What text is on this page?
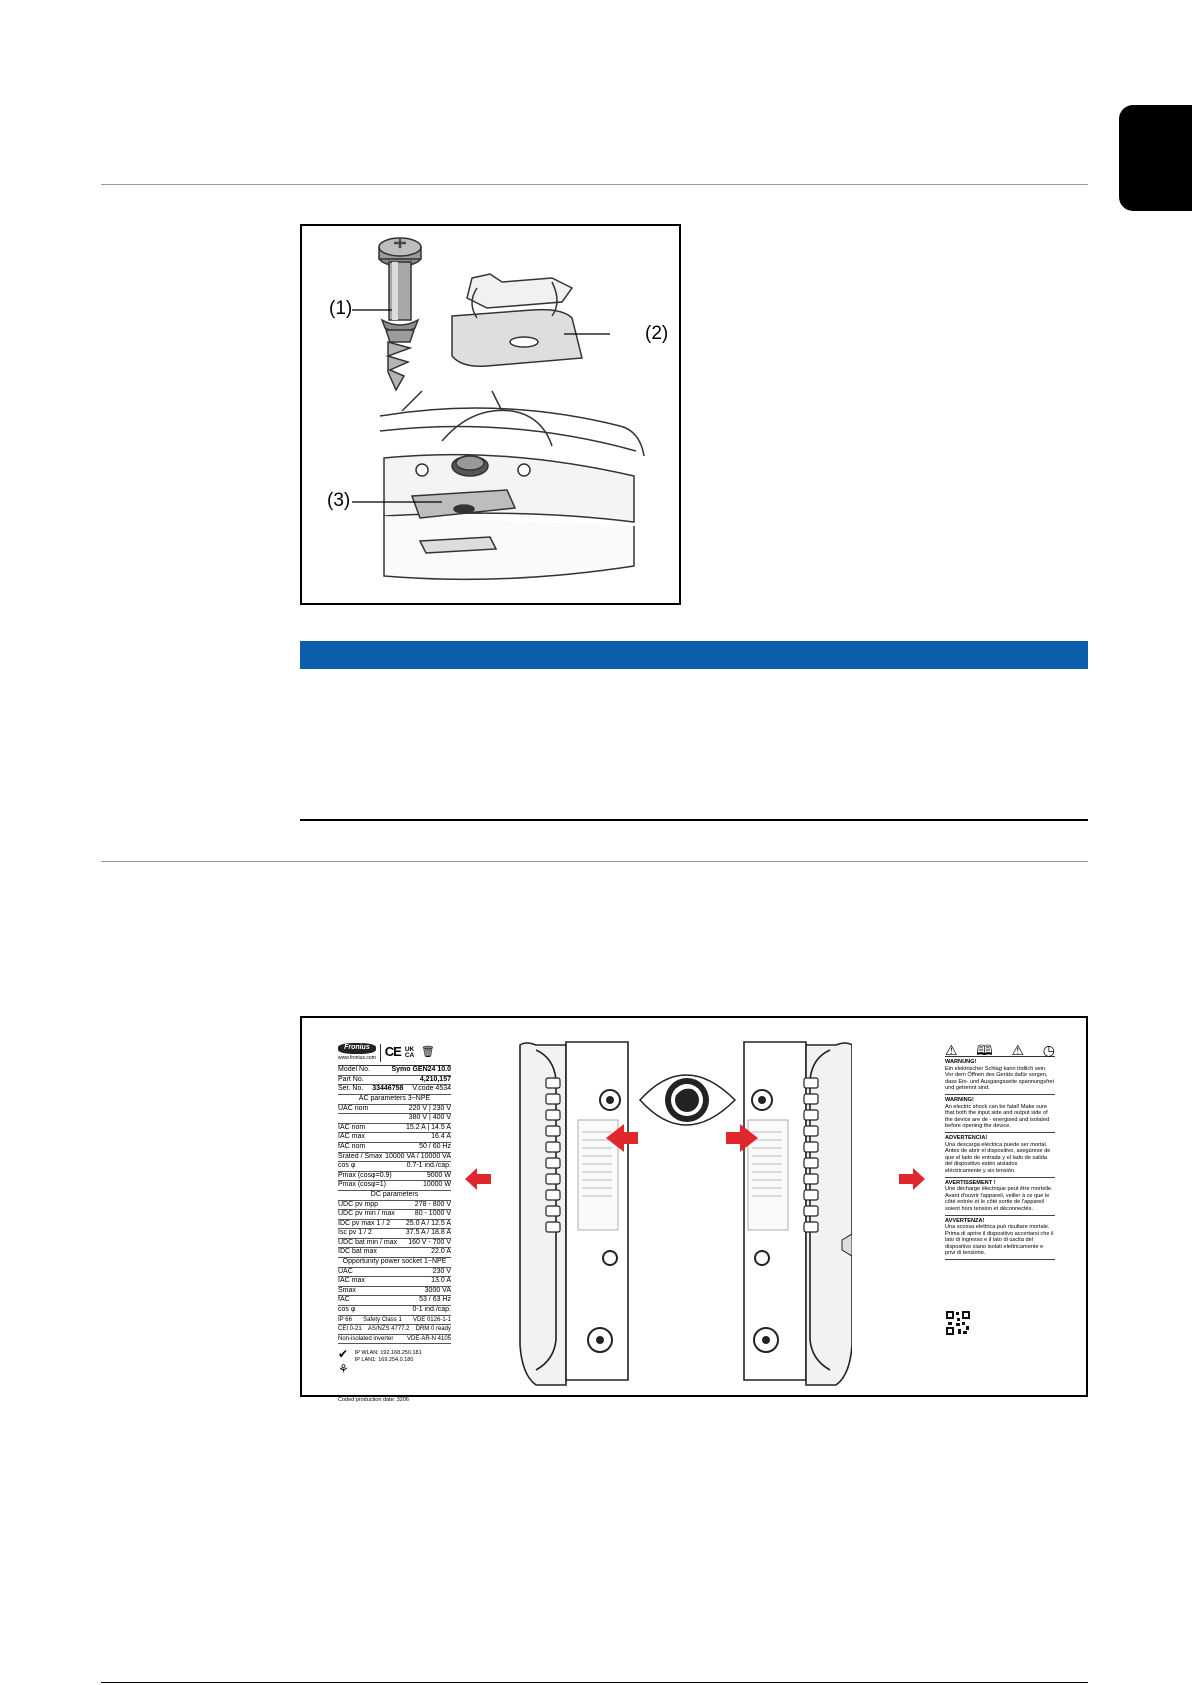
(1)
(2)
(3)
Fronius
www.fronius.com CE UK CA 🗑
Model No.	Symo GEN24 10.0
Part No.	4,210,157
Ser. No. 33446758 V.code 4534
AC parameters 3~NPE
UAC nom	220 V | 230 V
380 V | 400 V
IAC nom	15.2 A | 14.5 A
IAC max	16.4 A
fAC nom	50 / 60 Hz
Srated / Smax 10000 VA / 10000 VA
cos φ	0.7-1 ind./cap.
Pmax (cosφ=0.9)	9000 W
Pmax (cosφ=1)	10000 W
DC parameters
UDC pv mpp	278 - 800 V
UDC pv min / max	80 - 1000 V
IDC pv max 1 / 2 25.0 A / 12.5 A
Isc pv 1 / 2	37.5 A / 18.8 A
UDC bat min / max 160 V - 700 V
IDC bat max	22.0 A
Opportunity power socket 1~NPE
UAC	230 V
IAC max	13.0 A
Smax	3000 VA
fAC	53 / 63 Hz
cos φ	0-1 ind./cap.
IP 66 Safety Class 1 VDE 0126-1-1
CEI 0-21 AS/NZS 4777.2 DRM 0 ready
Non-isolated inverter VDE-AR-N 4105
✔
⚘
IP WLAN: 192.168.250.181
IP LAN1: 169.254.0.180
Coded production date: 3206
⚠ 🕮 ⚠ ◷
WARNUNG!
Ein elektrischer Schlag kann tödlich sein. Vor dem Öffnen des Geräts dafür sorgen, dass Ein- und Ausgangsseite spannungsfrei und getrennt sind.
WARNING!
An electric shock can be fatal! Make sure that both the input side and output side of the device are de - energised and isolated before opening the device.
ADVERTENCIA!
Una descarga eléctrica puede ser mortal. Antes de abrir el dispositivo, asegúrese de que el lado de entrada y el lado de salida del dispositivo estén aislados eléctricamente y sin tensión.
AVERTISSEMENT !
Une décharge électrique peut être mortelle. Avant d'ouvrir l'appareil, veiller à ce que le côté entrée et le côté sortie de l'appareil soient hors tension et déconnectés.
AVVERTENZA!
Una scossa elettrica può risultare mortale. Prima di aprire il dispositivo accertarsi che il lato di ingresso e il lato di uscita del dispositivo siano isolati elettricamente e privi di tensione.
